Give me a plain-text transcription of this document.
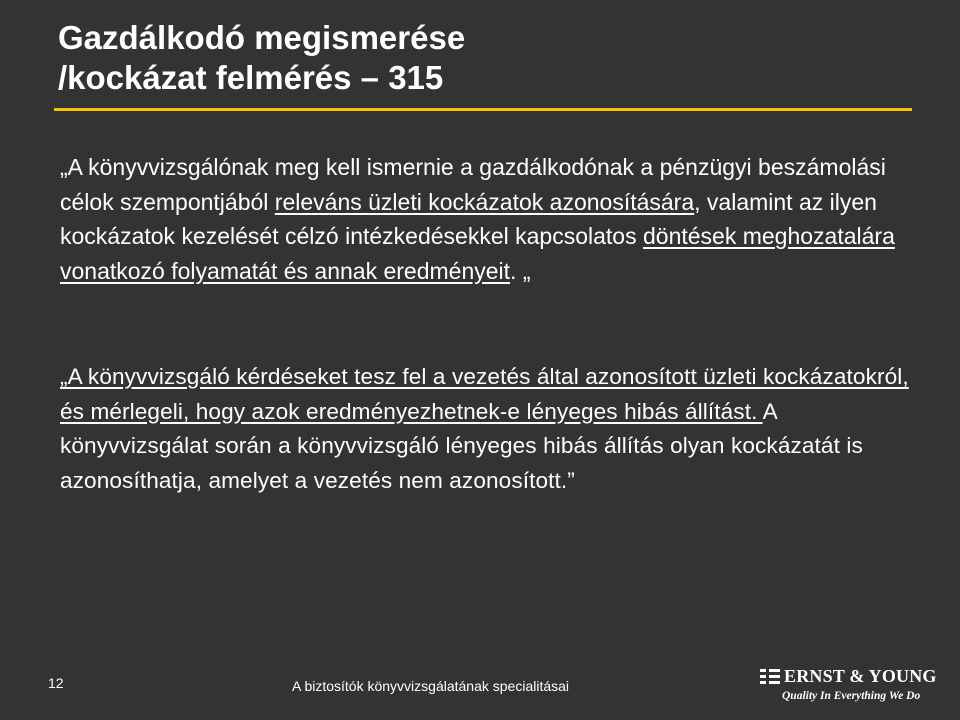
Gazdálkodó megismerése
/kockázat felmérés – 315
„A könyvvizsgálónak meg kell ismernie a gazdálkodónak a pénzügyi beszámolási célok szempontjából releváns üzleti kockázatok azonosítására, valamint az ilyen kockázatok kezelését célzó intézkedésekkel kapcsolatos döntések meghozatalára vonatkozó folyamatát és annak eredményeit. „
„A könyvvizsgáló kérdéseket tesz fel a vezetés által azonosított üzleti kockázatokról, és mérlegeli, hogy azok eredményezhetnek-e lényeges hibás állítást. A könyvvizsgálat során a könyvvizsgáló lényeges hibás állítás olyan kockázatát is azonosíthatja, amelyet a vezetés nem azonosított.”
12	A biztosítók könyvvizsgálatának specialitásai	ERNST & YOUNG
Quality In Everything We Do
